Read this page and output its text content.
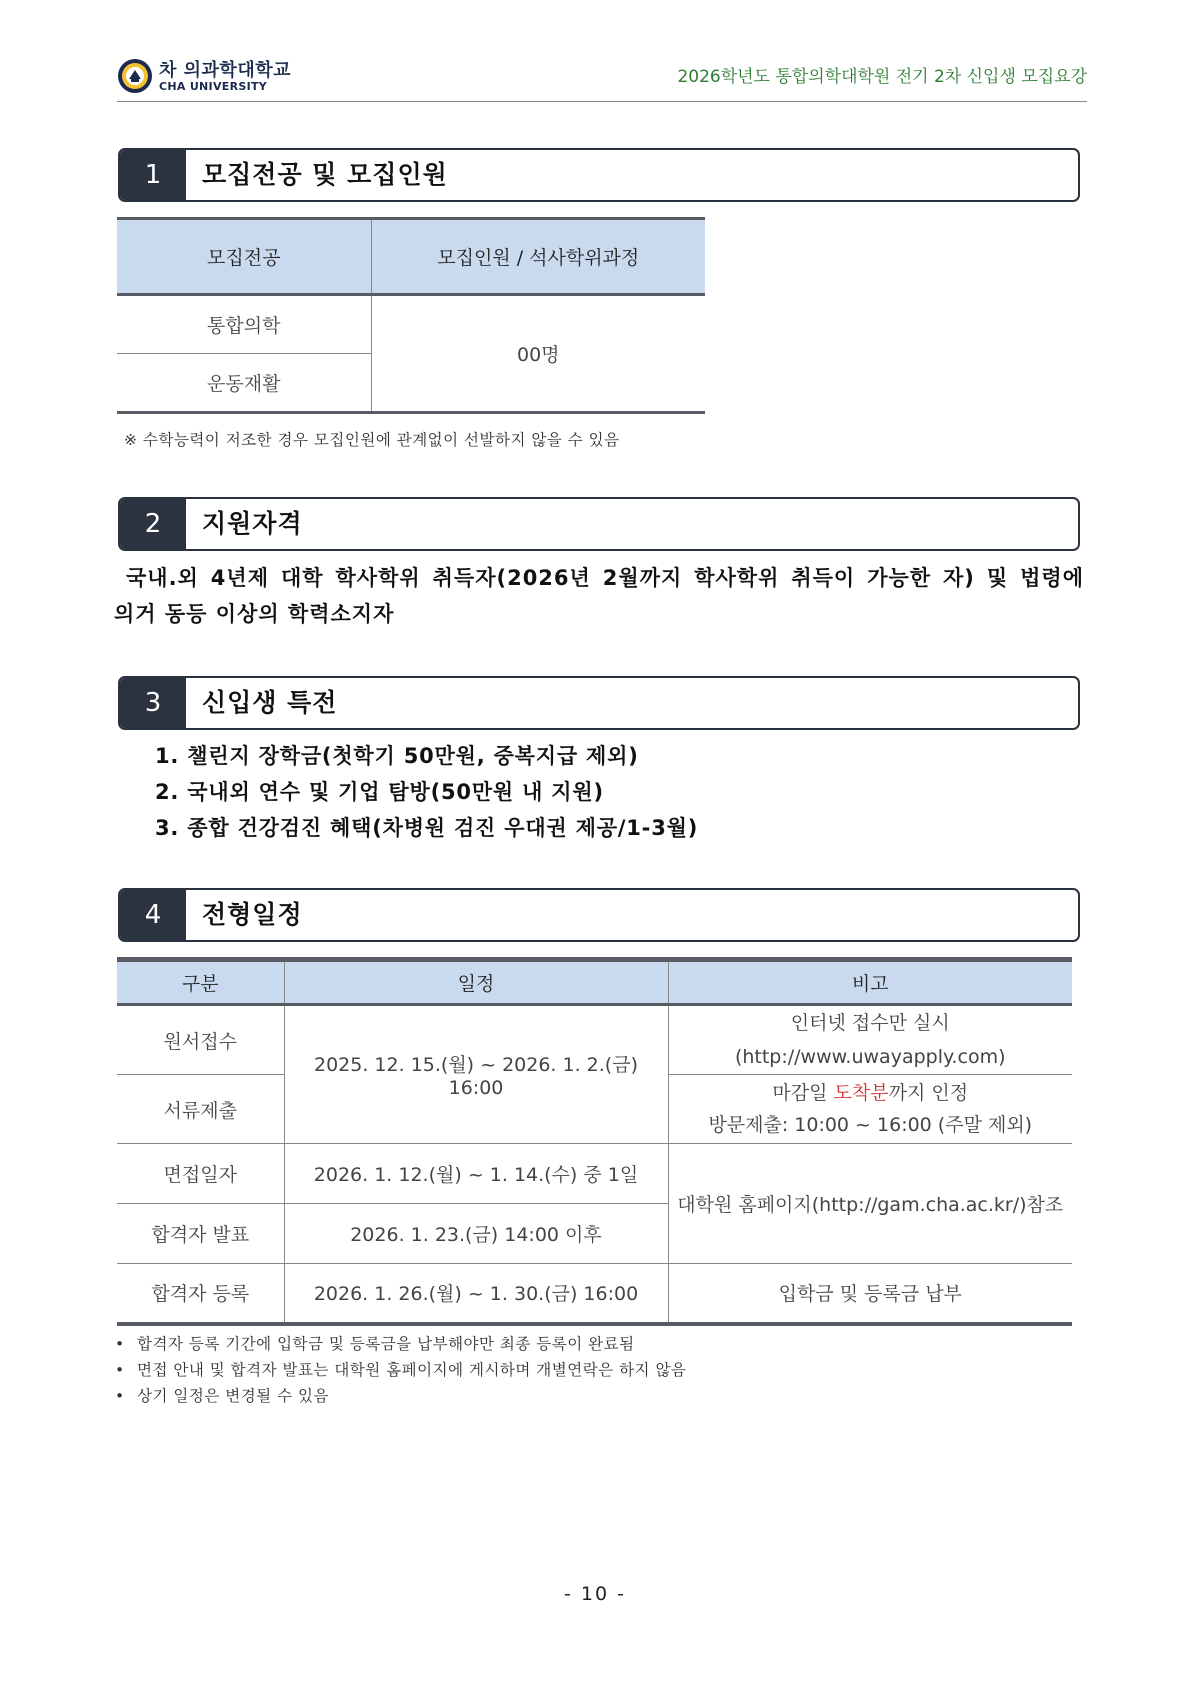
차 의과학대학교
CHA UNIVERSITY	2026학년도 통합의학대학원 전기 2차 신입생 모집요강
1	모집전공 및 모집인원
모집전공	모집인원 / 석사학위과정
통합의학	00명
운동재활	
※ 수학능력이 저조한 경우 모집인원에 관계없이 선발하지 않을 수 있음
2	지원자격
국내.외 4년제 대학 학사학위 취득자(2026년 2월까지 학사학위 취득이 가능한 자) 및 법령에
의거 동등 이상의 학력소지자
3	신입생 특전
1. 챌린지 장학금(첫학기 50만원, 중복지급 제외)
2. 국내외 연수 및 기업 탐방(50만원 내 지원)
3. 종합 건강검진 혜택(차병원 검진 우대권 제공/1-3월)
4	전형일정
구분	일정	비고
원서접수	2025. 12. 15.(월) ~ 2026. 1. 2.(금) 16:00	인터넷 접수만 실시
(http://www.uwayapply.com)

서류제출		마감일 도착분까지 인정
방문제출: 10:00 ~ 16:00 (주말 제외)

면접일자	2026. 1. 12.(월) ~ 1. 14.(수) 중 1일	대학원 홈페이지(http://gam.cha.ac.kr/)참조
합격자 발표	2026. 1. 23.(금) 14:00 이후	
합격자 등록	2026. 1. 26.(월) ~ 1. 30.(금) 16:00	입학금 및 등록금 납부
• 합격자 등록 기간에 입학금 및 등록금을 납부해야만 최종 등록이 완료됨
• 면접 안내 및 합격자 발표는 대학원 홈페이지에 게시하며 개별연락은 하지 않음
• 상기 일정은 변경될 수 있음
- 10 -
